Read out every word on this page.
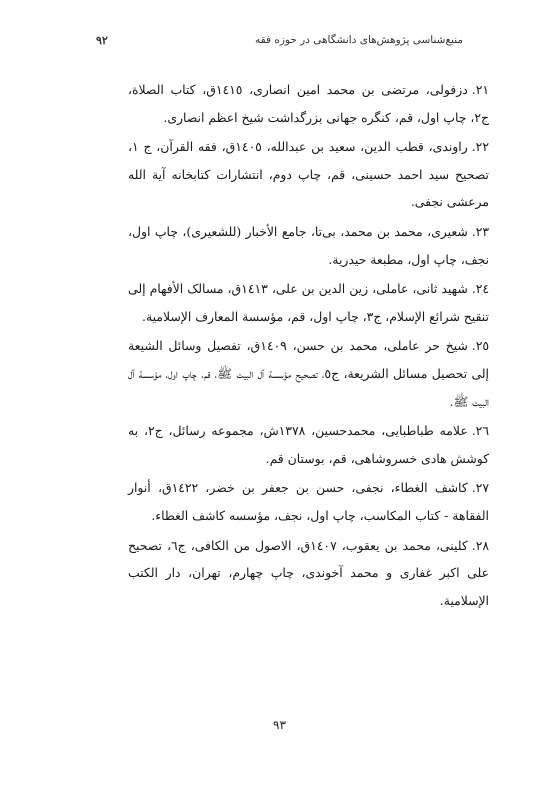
منبع‌شناسی پژوهش‌های دانشگاهی در حوزه فقه
٩٢

٢١.دزفولی، مرتضی بن محمد امین انصاری، ١٤١٥ق، کتاب الصلاة، ج٢، چاپ اول، قم، کنگره جهانی بزرگداشت شیخ اعظم انصاری.

٢٢.راوندی، قطب الدین، سعید بن عبدالله، ١٤٠٥ق، فقه القرآن، ج ١، تصحیح سید احمد حسینی، قم، چاپ دوم، انتشارات کتابخانه آیة الله مرعشی نجفی.

٢٣.شعیری، محمد بن محمد، بی‌تا، جامع الأخبار (للشعیری)، چاپ اول، نجف، چاپ اول، مطبعة حیدریة.

٢٤.شهید ثانی، عاملی، زین الدین بن علی، ١٤١٣ق، مسالک الأفهام إلی تنقیح شرائع الإسلام، ج٣، چاپ اول، قم، مؤسسة المعارف الإسلامیة.

٢٥.شیخ حر عاملی، محمد بن حسن، ١٤٠٩ق، تفصیل وسائل الشیعة إلی تحصیل مسائل الشریعة، ج٥، تصحیح مؤسسة آل البیت ﷺ، قم، چاپ اول، مؤسسة آل البیت ﷺ.

٢٦.علامه طباطبایی، محمدحسین، ١٣٧٨ش، مجموعه رسائل، ج٢، به کوشش هادی خسروشاهی، قم، بوستان قم.

٢٧.کاشف الغطاء، نجفی، حسن بن جعفر بن خضر، ١٤٢٢ق، أنوار الفقاهة - کتاب المکاسب، چاپ اول، نجف، مؤسسه کاشف الغطاء.

٢٨.کلینی، محمد بن یعقوب، ١٤٠٧ق، الاصول من الکافی، ج٦، تصحیح علی اکبر غفاری و محمد آخوندی، چاپ چهارم، تهران، دار الکتب الإسلامیة.

٩٣
